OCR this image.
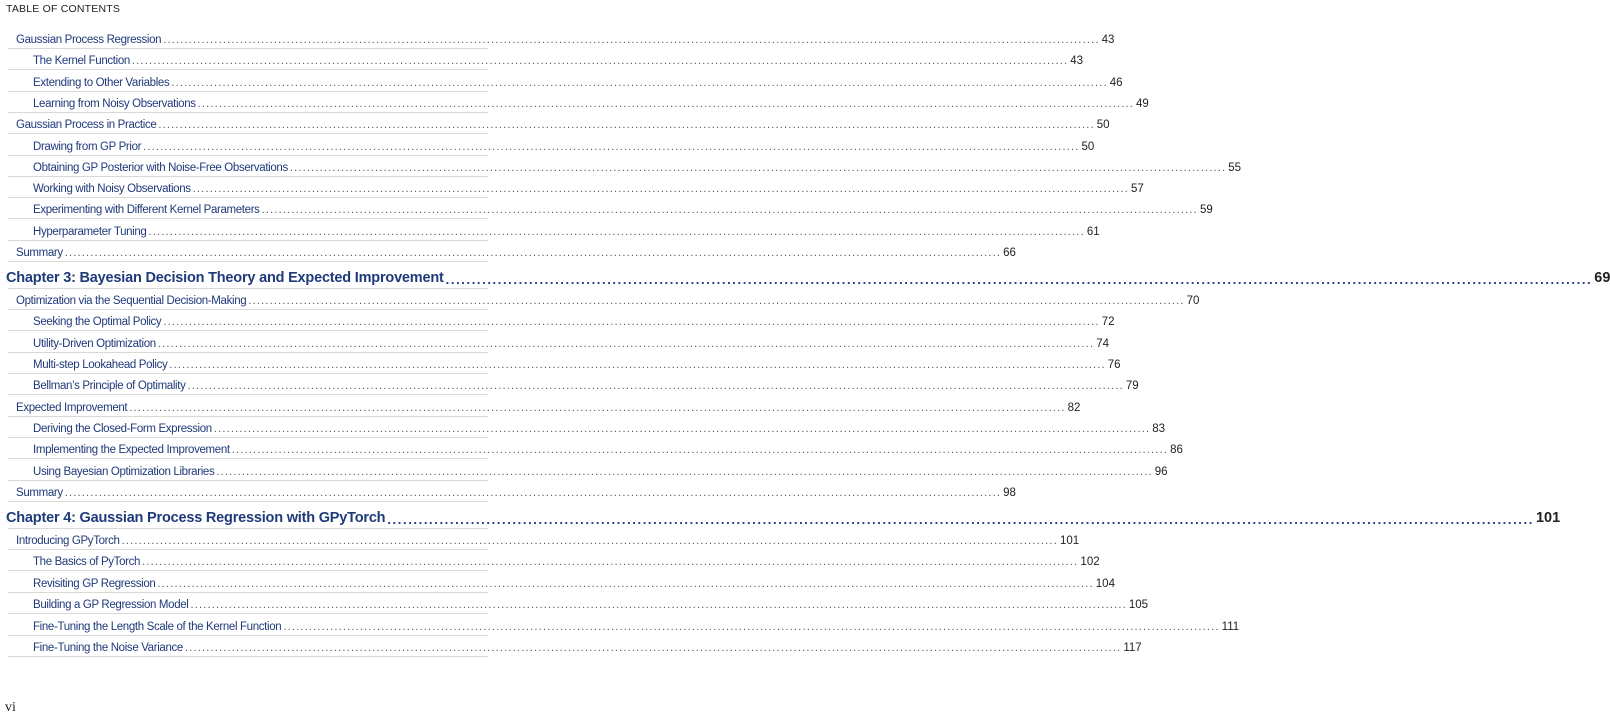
TABLE OF CONTENTS
Gaussian Process Regression ............................................................................................................................................................................................................................ 43
The Kernel Function ............................................................................................................................................................................................................................ 43
Extending to Other Variables ............................................................................................................................................................................................................................ 46
Learning from Noisy Observations ............................................................................................................................................................................................................................ 49
Gaussian Process in Practice ............................................................................................................................................................................................................................ 50
Drawing from GP Prior ............................................................................................................................................................................................................................ 50
Obtaining GP Posterior with Noise-Free Observations ............................................................................................................................................................................................................................ 55
Working with Noisy Observations ............................................................................................................................................................................................................................ 57
Experimenting with Different Kernel Parameters ............................................................................................................................................................................................................................ 59
Hyperparameter Tuning ............................................................................................................................................................................................................................ 61
Summary ............................................................................................................................................................................................................................ 66
Chapter 3: Bayesian Decision Theory and Expected Improvement ............................................................................................................................................................................................................................ 69
Optimization via the Sequential Decision-Making ............................................................................................................................................................................................................................ 70
Seeking the Optimal Policy ............................................................................................................................................................................................................................ 72
Utility-Driven Optimization ............................................................................................................................................................................................................................ 74
Multi-step Lookahead Policy ............................................................................................................................................................................................................................ 76
Bellman’s Principle of Optimality ............................................................................................................................................................................................................................ 79
Expected Improvement ............................................................................................................................................................................................................................ 82
Deriving the Closed-Form Expression ............................................................................................................................................................................................................................ 83
Implementing the Expected Improvement ............................................................................................................................................................................................................................ 86
Using Bayesian Optimization Libraries ............................................................................................................................................................................................................................ 96
Summary ............................................................................................................................................................................................................................ 98
Chapter 4: Gaussian Process Regression with GPyTorch ............................................................................................................................................................................................................................ 101
Introducing GPyTorch ............................................................................................................................................................................................................................ 101
The Basics of PyTorch ............................................................................................................................................................................................................................ 102
Revisiting GP Regression ............................................................................................................................................................................................................................ 104
Building a GP Regression Model ............................................................................................................................................................................................................................ 105
Fine-Tuning the Length Scale of the Kernel Function ............................................................................................................................................................................................................................ 111
Fine-Tuning the Noise Variance ............................................................................................................................................................................................................................ 117
vi
